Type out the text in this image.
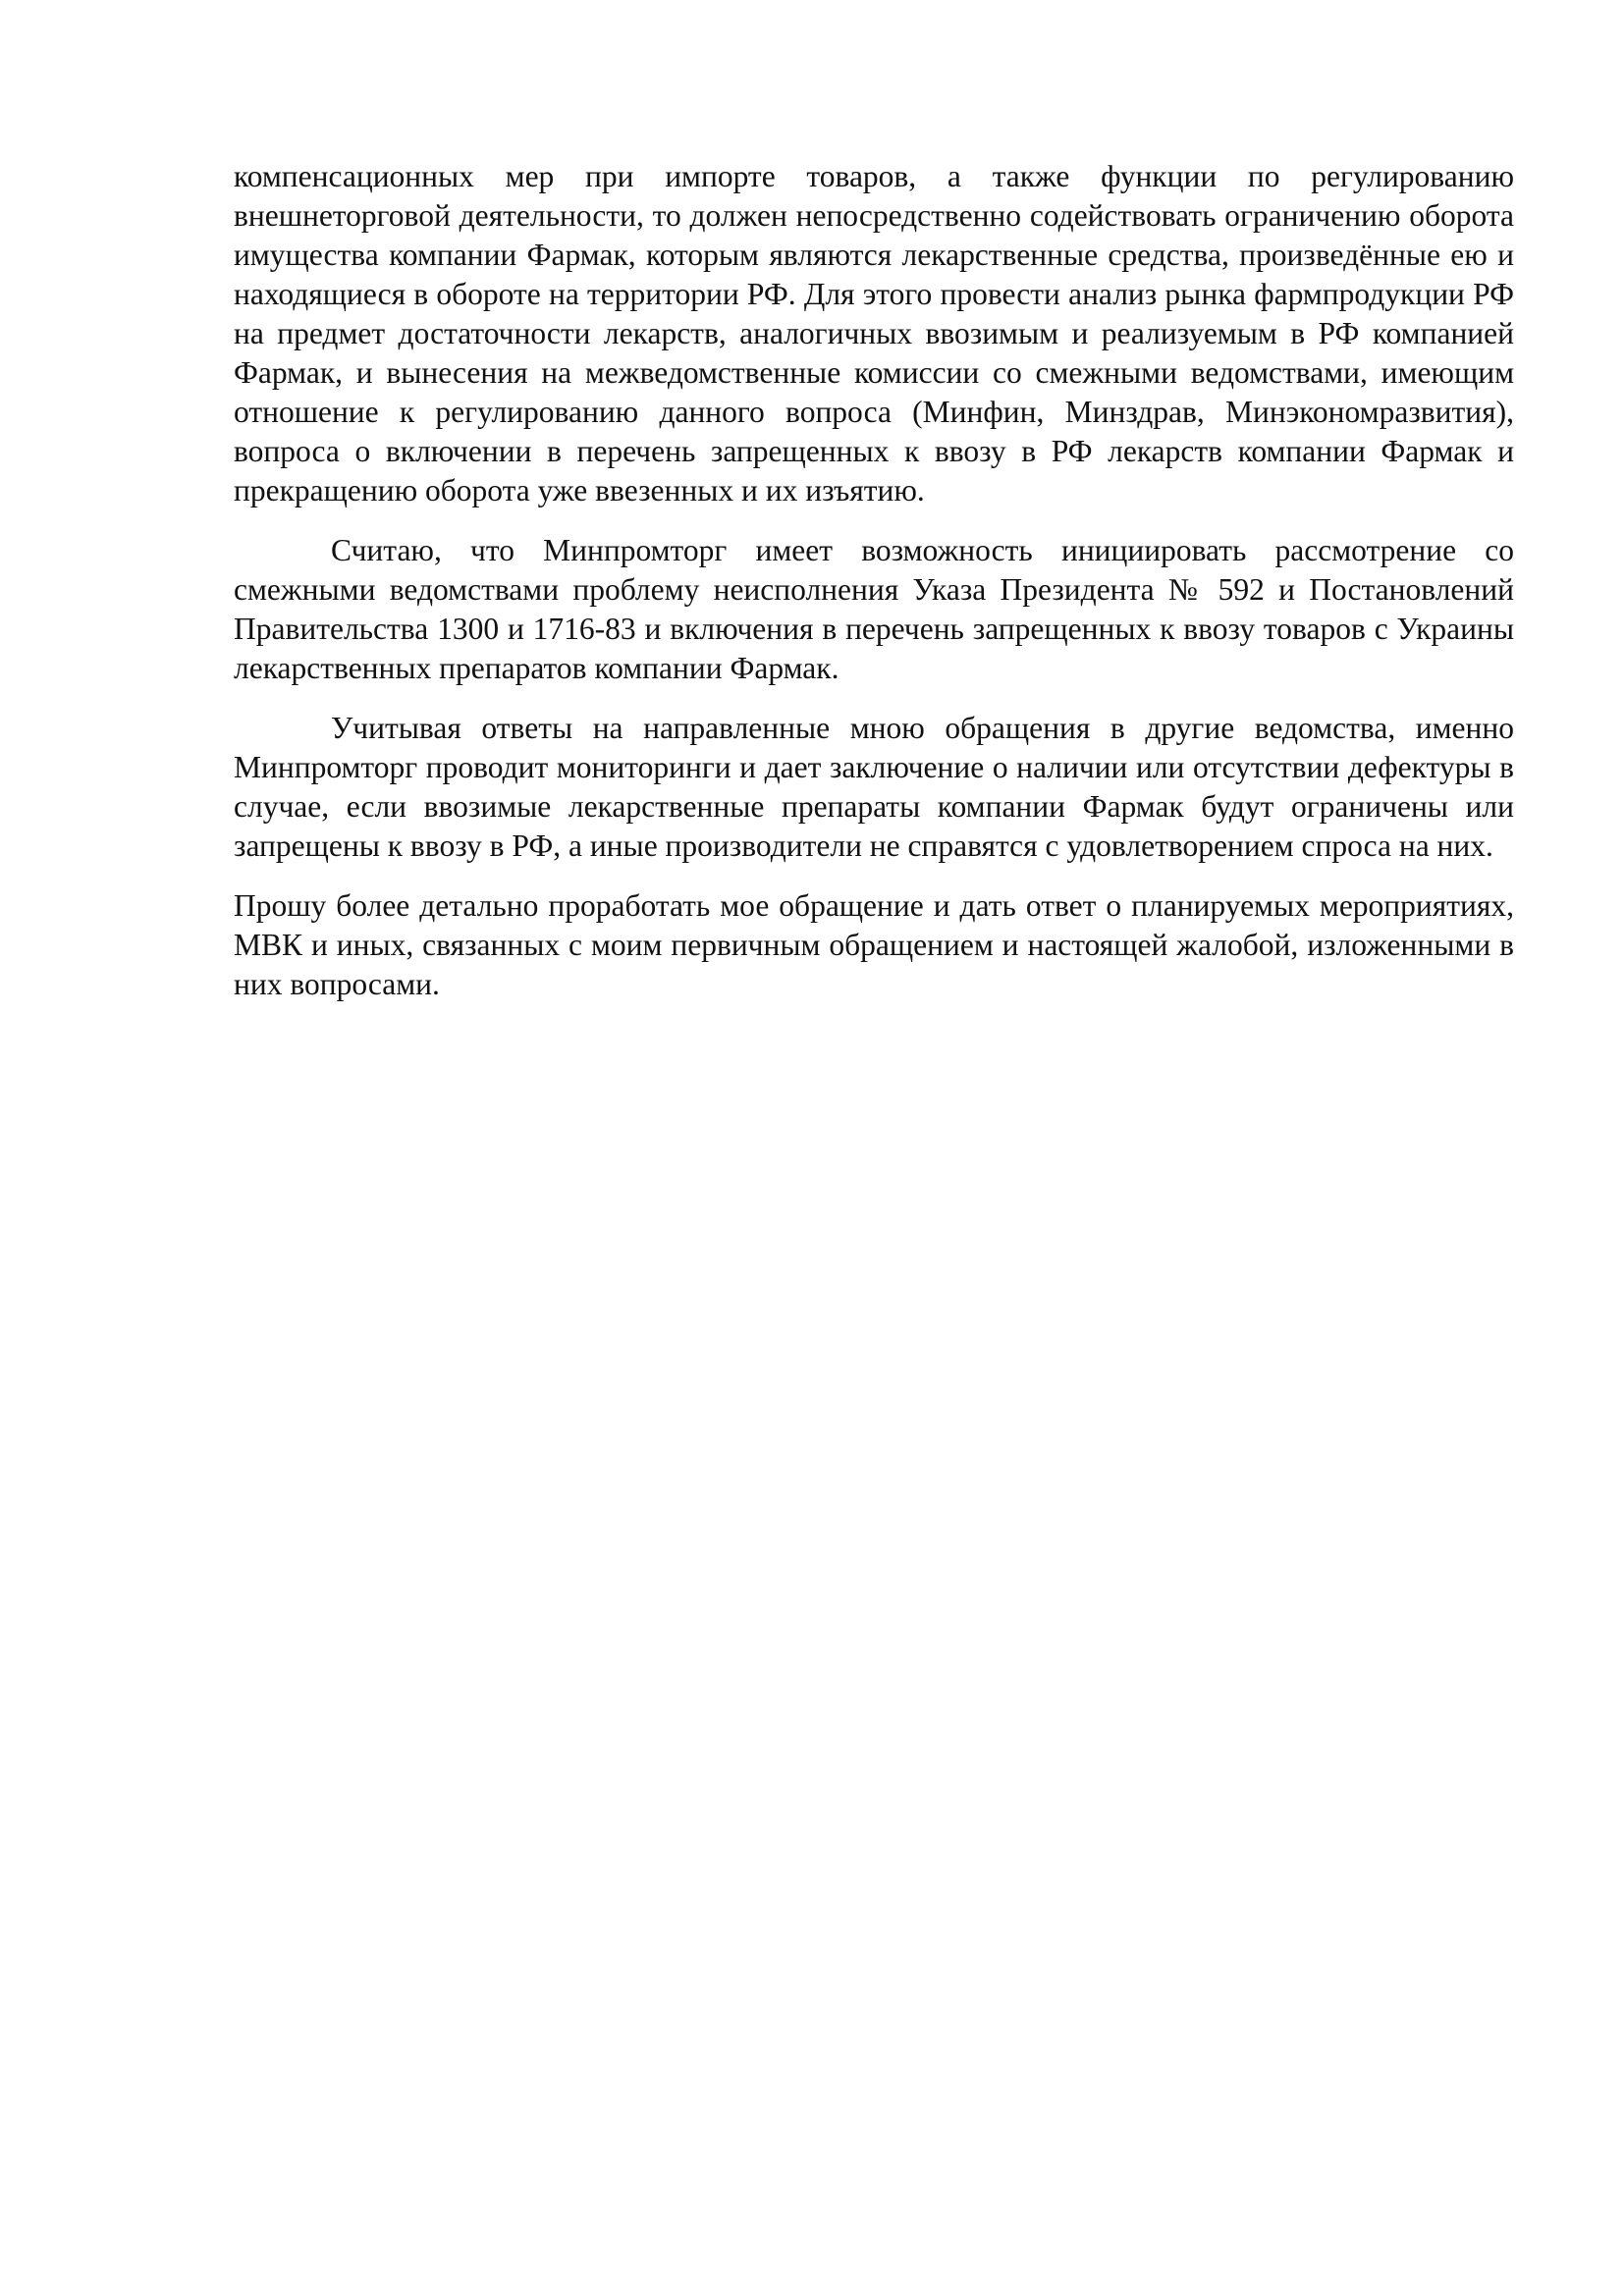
компенсационных мер при импорте товаров, а также функции по регулированию внешнеторговой деятельности, то должен непосредственно содействовать ограничению оборота имущества компании Фармак, которым являются лекарственные средства, произведённые ею и находящиеся в обороте на территории РФ. Для этого провести анализ рынка фармпродукции РФ на предмет достаточности лекарств, аналогичных ввозимым и реализуемым в РФ компанией Фармак, и вынесения на межведомственные комиссии со смежными ведомствами, имеющим отношение к регулированию данного вопроса (Минфин, Минздрав, Минэкономразвития), вопроса о включении в перечень запрещенных к ввозу в РФ лекарств компании Фармак и прекращению оборота уже ввезенных и их изъятию.

Считаю, что Минпромторг имеет возможность инициировать рассмотрение со смежными ведомствами проблему неисполнения Указа Президента № 592 и Постановлений Правительства 1300 и 1716-83 и включения в перечень запрещенных к ввозу товаров с Украины лекарственных препаратов компании Фармак.

Учитывая ответы на направленные мною обращения в другие ведомства, именно Минпромторг проводит мониторинги и дает заключение о наличии или отсутствии дефектуры в случае, если ввозимые лекарственные препараты компании Фармак будут ограничены или запрещены к ввозу в РФ, а иные производители не справятся с удовлетворением спроса на них.

Прошу более детально проработать мое обращение и дать ответ о планируемых мероприятиях, МВК и иных, связанных с моим первичным обращением и настоящей жалобой, изложенными в них вопросами.
